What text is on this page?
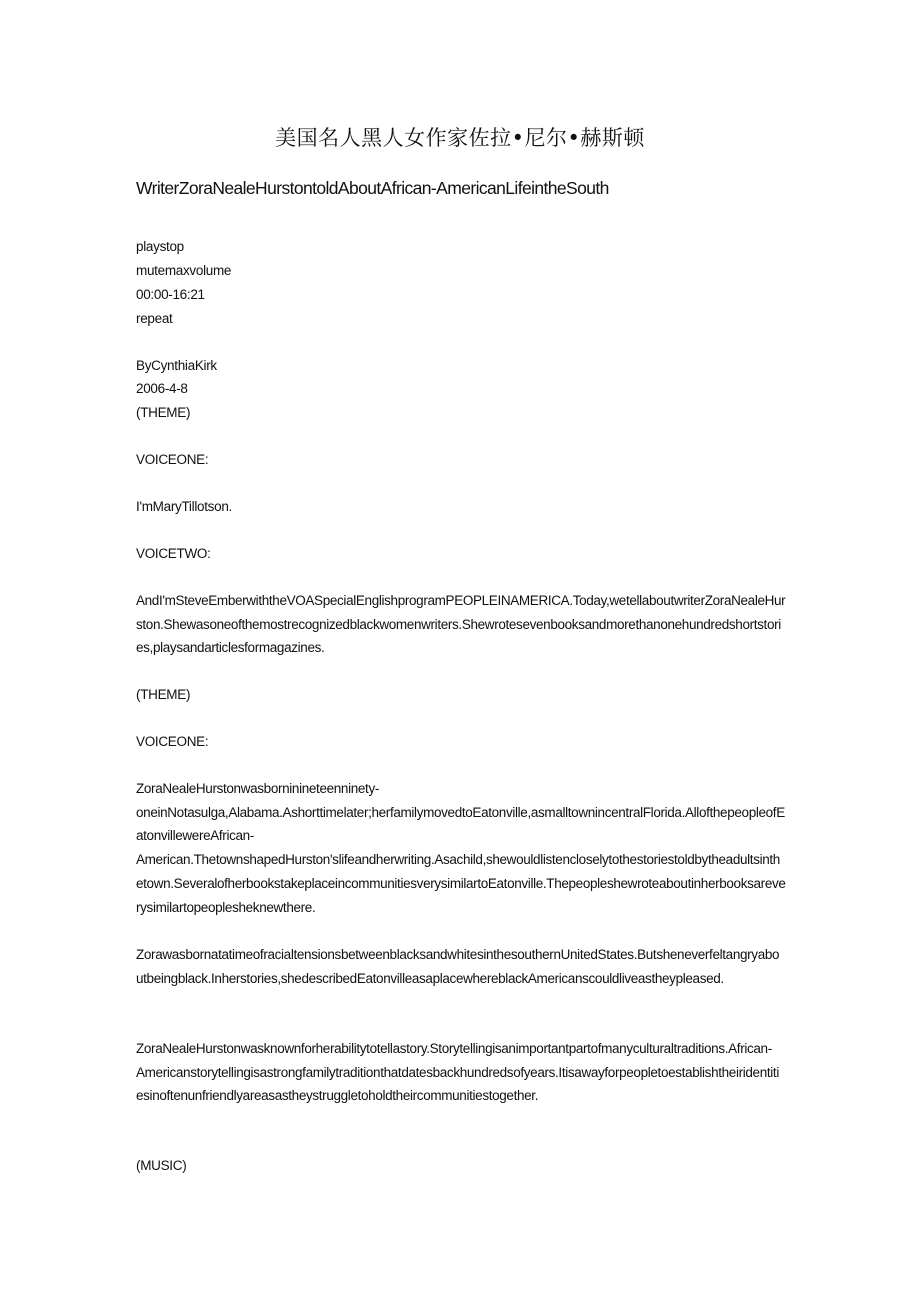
美国名人黑人女作家佐拉•尼尔•赫斯顿
WriterZoraNealeHurstontoldAboutAfrican-AmericanLifeintheSouth
playstop
mutemaxvolume
00:00-16:21
repeat
ByCynthiaKirk
2006-4-8
(THEME)
VOICEONE:
I'mMaryTillotson.
VOICETWO:
AndI'mSteveEmberwiththeVOASpecialEnglishprogramPEOPLEINAMERICA.Today,wetellaboutwriterZoraNealeHurston.Shewasoneofthemostrecognizedblackwomenwriters.Shewrotesevenbooksandmorethanonehundredshortstories,playsandarticlesformagazines.
(THEME)
VOICEONE:
ZoraNealeHurstonwasborninineteenninety-
oneinNotasulga,Alabama.Ashorttimelater;herfamilymovedtoEatonville,asmalltownincentralFlorida.AllofthepeopleofEatonvillewereAfrican-
American.ThetownshapedHurston'slifeandherwriting.Asachild,shewouldlistencloselytothestoriestoldbytheadultsinthetown.SeveralofherbookstakeplaceincommunitiesverysimilartoEatonville.Thepeopleshewroteaboutinherbooksareverysimilartopeoplesheknewthere.
ZorawasbornatatimeofracialtensionsbetweenblacksandwhitesinthesouthernUnitedStates.Butsheneverfeltangryaboutbeingblack.Inherstories,shedescribedEatonvilleasaplacewhereblackAmericanscouldliveastheypleased.
ZoraNealeHurstonwasknownforherabilitytotellastory.Storytellingisanimportantpartofmanyculturaltraditions.African-
Americanstorytellingisastrongfamilytraditionthatdatesbackhundredsofyears.Itisawayforpeopletoestablishtheiridentitiesinoftenunfriendlyareasastheystruggletoholdtheircommunitiestogether.
(MUSIC)
